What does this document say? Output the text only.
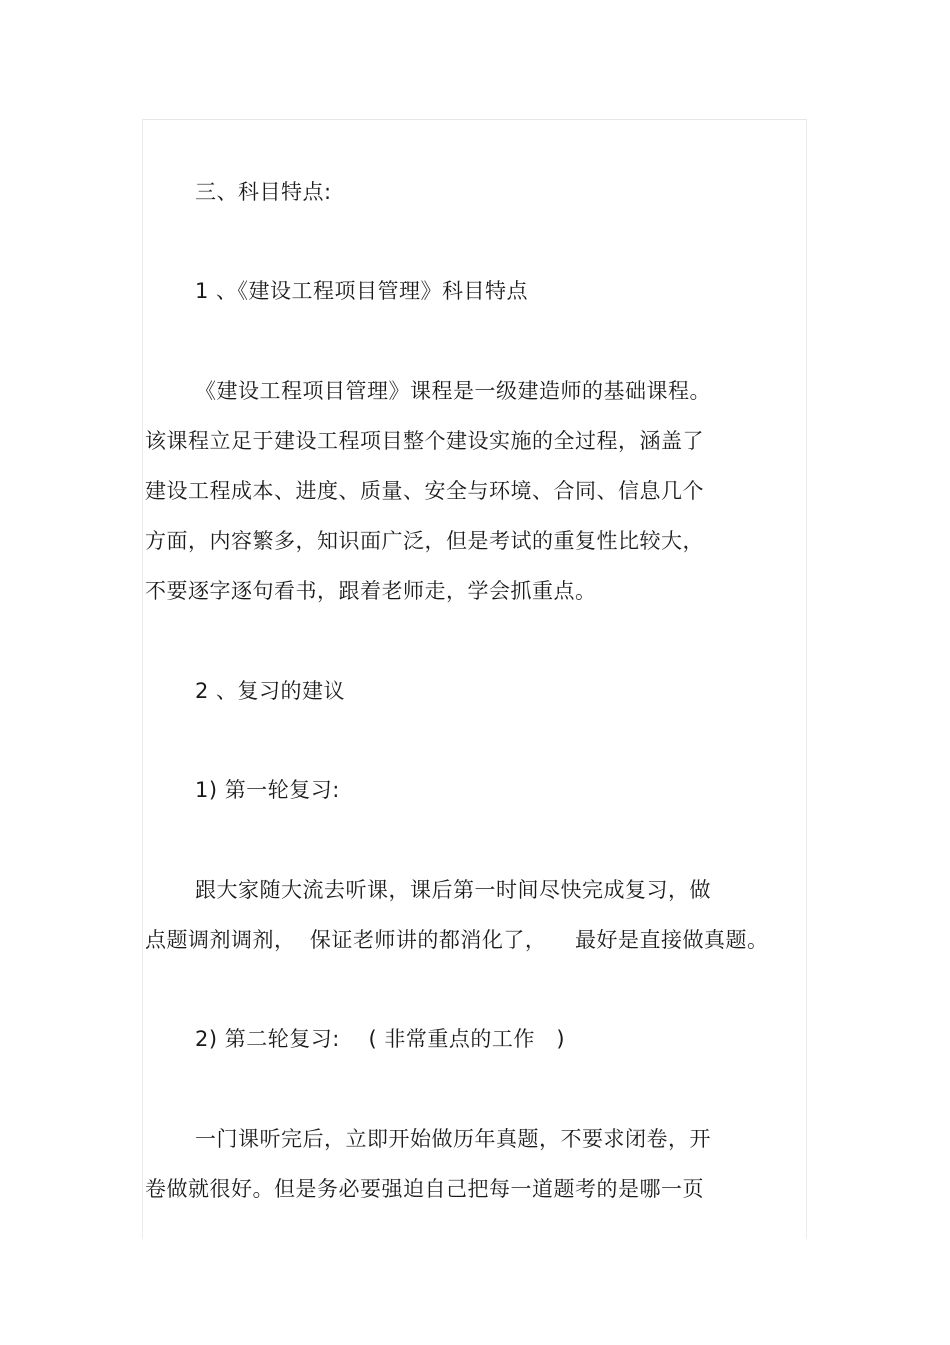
三、科目特点:
1 、《建设工程项目管理》科目特点
《建设工程项目管理》课程是一级建造师的基础课程。
该课程立足于建设工程项目整个建设实施的全过程，涵盖了
建设工程成本、进度、质量、安全与环境、合同、信息几个
方面，内容繁多，知识面广泛，但是考试的重复性比较大，
不要逐字逐句看书，跟着老师走，学会抓重点。
2 、复习的建议
1) 第一轮复习:
跟大家随大流去听课，课后第一时间尽快完成复习，做
点题调剂调剂，  保证老师讲的都消化了，    最好是直接做真题。
2) 第二轮复习:    ( 非常重点的工作   )
一门课听完后，立即开始做历年真题，不要求闭卷，开
卷做就很好。但是务必要强迫自己把每一道题考的是哪一页
